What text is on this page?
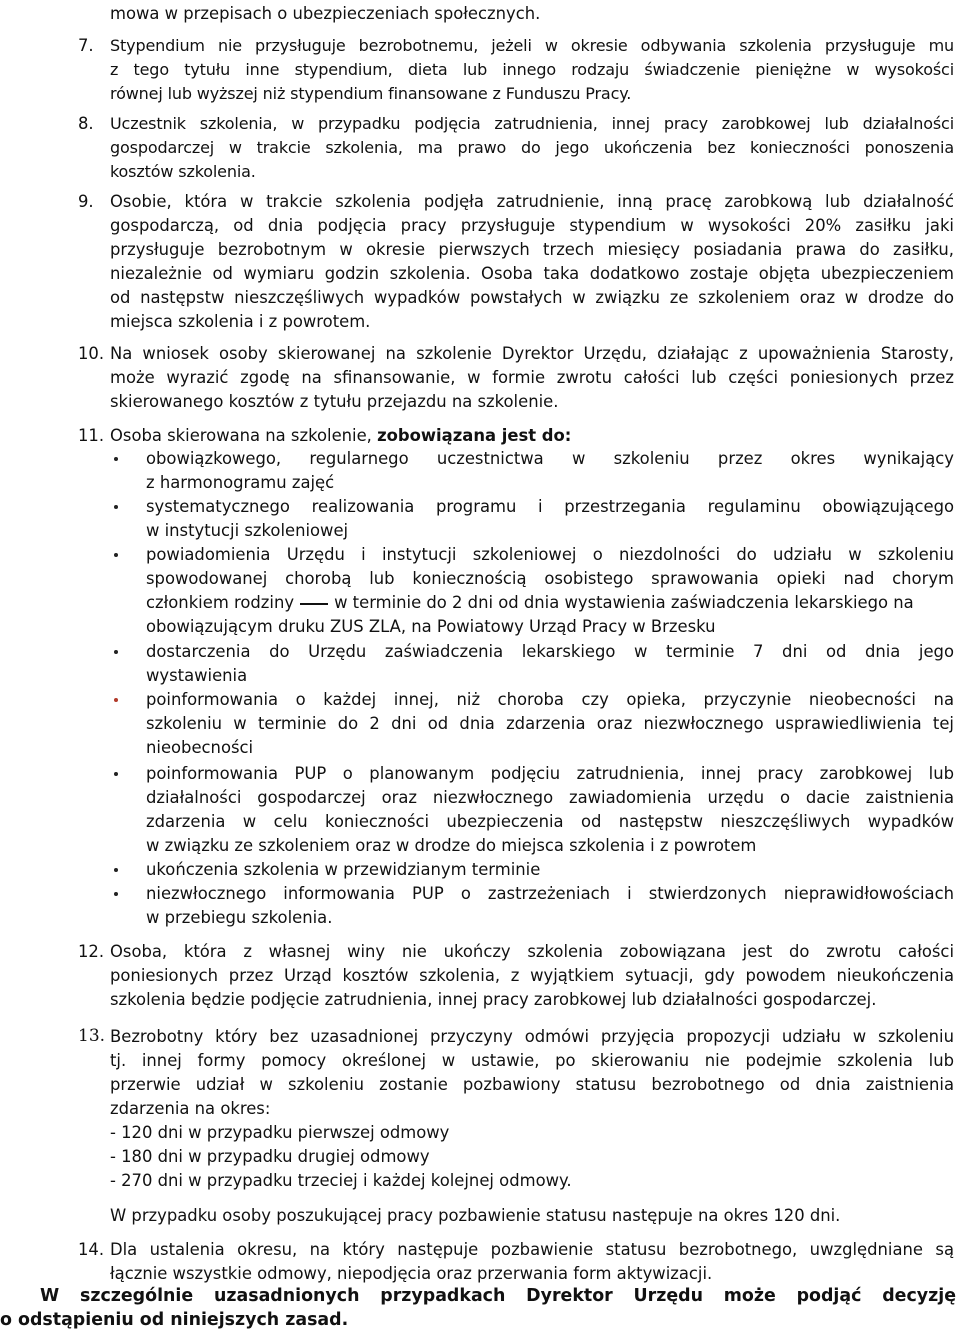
mowa w przepisach o ubezpieczeniach społecznych.
7. Stypendium nie przysługuje bezrobotnemu, jeżeli w okresie odbywania szkolenia przysługuje mu
z tego tytułu inne stypendium, dieta lub innego rodzaju świadczenie pieniężne w wysokości
równej lub wyższej niż stypendium finansowane z Funduszu Pracy.
8. Uczestnik szkolenia, w przypadku podjęcia zatrudnienia, innej pracy zarobkowej lub działalności
gospodarczej w trakcie szkolenia, ma prawo do jego ukończenia bez konieczności ponoszenia
kosztów szkolenia.
9. Osobie, która w trakcie szkolenia podjęła zatrudnienie, inną pracę zarobkową lub działalność
gospodarczą, od dnia podjęcia pracy przysługuje stypendium w wysokości 20% zasiłku jaki
przysługuje bezrobotnym w okresie pierwszych trzech miesięcy posiadania prawa do zasiłku,
niezależnie od wymiaru godzin szkolenia. Osoba taka dodatkowo zostaje objęta ubezpieczeniem
od następstw nieszczęśliwych wypadków powstałych w związku ze szkoleniem oraz w drodze do
miejsca szkolenia i z powrotem.
10. Na wniosek osoby skierowanej na szkolenie Dyrektor Urzędu, działając z upoważnienia Starosty,
może wyrazić zgodę na sfinansowanie, w formie zwrotu całości lub części poniesionych przez
skierowanego kosztów z tytułu przejazdu na szkolenie.
11. Osoba skierowana na szkolenie, zobowiązana jest do:
obowiązkowego, regularnego uczestnictwa w szkoleniu przez okres wynikający
z harmonogramu zajęć
systematycznego realizowania programu i przestrzegania regulaminu obowiązującego
w instytucji szkoleniowej
powiadomienia Urzędu i instytucji szkoleniowej o niezdolności do udziału w szkoleniu
spowodowanej chorobą lub koniecznością osobistego sprawowania opieki nad chorym
członkiem rodziny w terminie do 2 dni od dnia wystawienia zaświadczenia lekarskiego na
obowiązującym druku ZUS ZLA, na Powiatowy Urząd Pracy w Brzesku
dostarczenia do Urzędu zaświadczenia lekarskiego w terminie 7 dni od dnia jego
wystawienia
poinformowania o każdej innej, niż choroba czy opieka, przyczynie nieobecności na
szkoleniu w terminie do 2 dni od dnia zdarzenia oraz niezwłocznego usprawiedliwienia tej
nieobecności
poinformowania PUP o planowanym podjęciu zatrudnienia, innej pracy zarobkowej lub
działalności gospodarczej oraz niezwłocznego zawiadomienia urzędu o dacie zaistnienia
zdarzenia w celu konieczności ubezpieczenia od następstw nieszczęśliwych wypadków
w związku ze szkoleniem oraz w drodze do miejsca szkolenia i z powrotem
ukończenia szkolenia w przewidzianym terminie
niezwłocznego informowania PUP o zastrzeżeniach i stwierdzonych nieprawidłowościach
w przebiegu szkolenia.
12. Osoba, która z własnej winy nie ukończy szkolenia zobowiązana jest do zwrotu całości
poniesionych przez Urząd kosztów szkolenia, z wyjątkiem sytuacji, gdy powodem nieukończenia
szkolenia będzie podjęcie zatrudnienia, innej pracy zarobkowej lub działalności gospodarczej.
13. Bezrobotny który bez uzasadnionej przyczyny odmówi przyjęcia propozycji udziału w szkoleniu
tj. innej formy pomocy określonej w ustawie, po skierowaniu nie podejmie szkolenia lub
przerwie udział w szkoleniu zostanie pozbawiony statusu bezrobotnego od dnia zaistnienia
zdarzenia na okres:
- 120 dni w przypadku pierwszej odmowy
- 180 dni w przypadku drugiej odmowy
- 270 dni w przypadku trzeciej i każdej kolejnej odmowy.
W przypadku osoby poszukującej pracy pozbawienie statusu następuje na okres 120 dni.
14. Dla ustalenia okresu, na który następuje pozbawienie statusu bezrobotnego, uwzględniane są
łącznie wszystkie odmowy, niepodjęcia oraz przerwania form aktywizacji.
W szczególnie uzasadnionych przypadkach Dyrektor Urzędu może podjąć decyzję
o odstąpieniu od niniejszych zasad.
